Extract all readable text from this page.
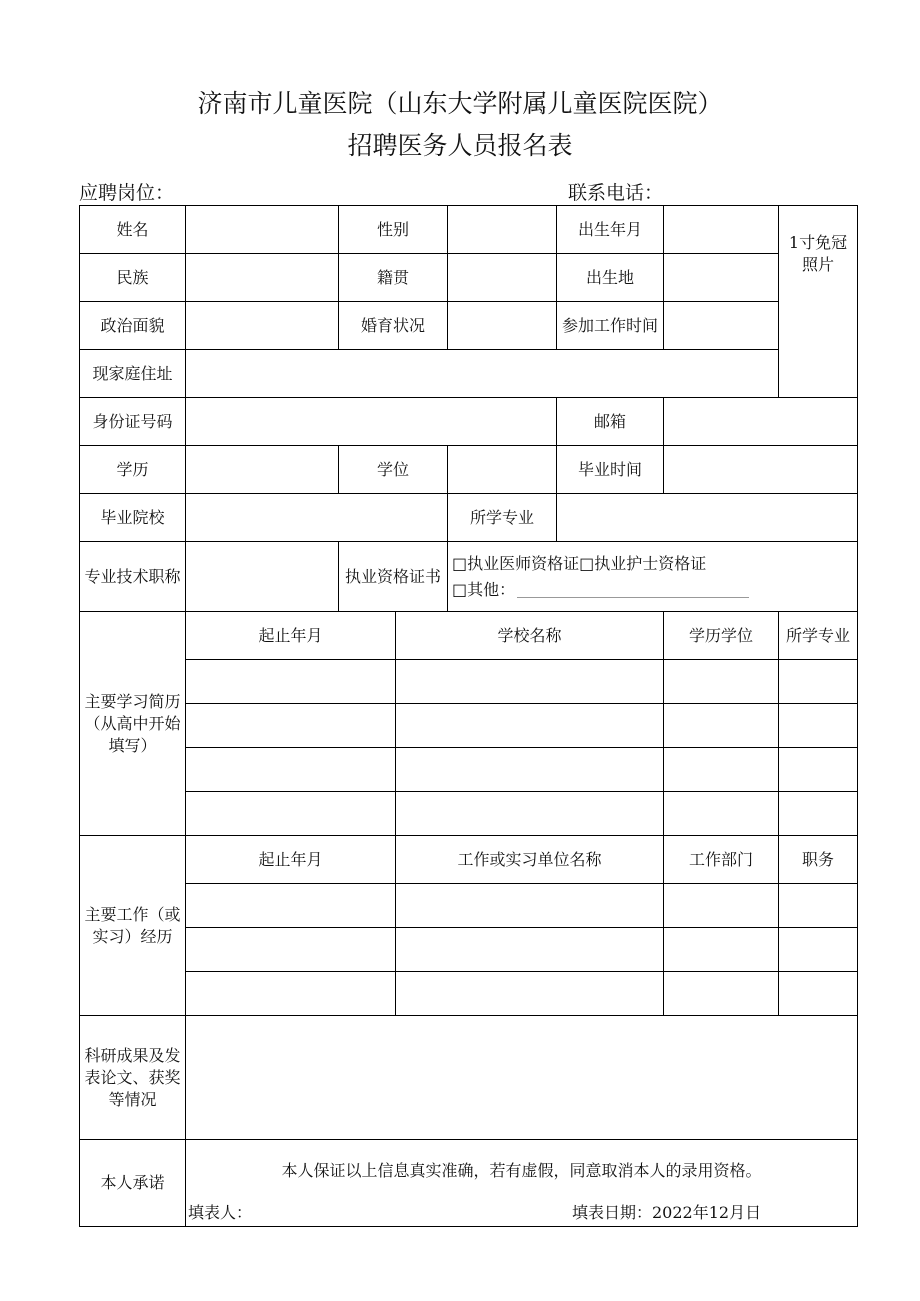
济南市儿童医院（山东大学附属儿童医院医院）
招聘医务人员报名表
应聘岗位：	联系电话：
姓名		性别			出生年月		1寸免冠照片
民族		籍贯			出生地		
政治面貌		婚育状况			参加工作时间		
现家庭住址							
身份证号码					邮箱		
学历		学位			毕业时间		
毕业院校				所学专业			
专业技术职称		执业资格证书		□执业医师资格证□执业护士资格证
□其他：			

主要学习简历（从高中开始填写）	起止年月		学校名称			学历学位	所学专业

主要工作（或实习）经历	起止年月		工作或实习单位名称			工作部门	职务

科研成果及发表论文、获奖等情况							
本人承诺	本人保证以上信息真实准确，若有虚假，同意取消本人的录用资格。
填表人： 填表日期：2022年12月日						
